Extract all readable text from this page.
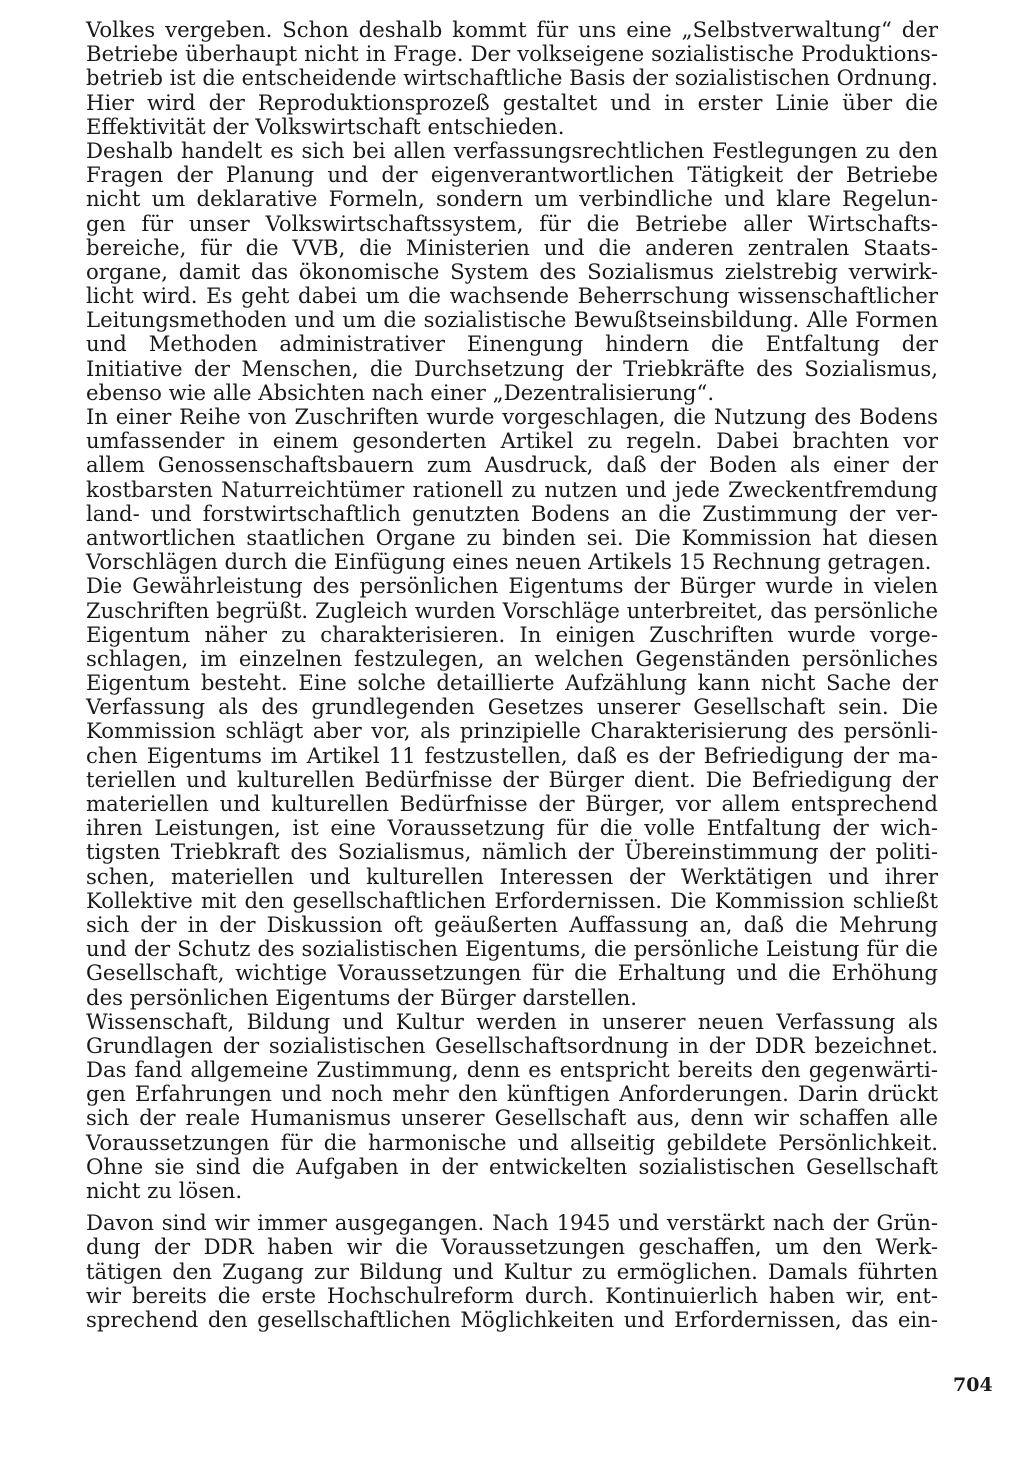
Volkes vergeben. Schon deshalb kommt für uns eine „Selbstverwaltung“ der
Betriebe überhaupt nicht in Frage. Der volkseigene sozialistische Produktions-
betrieb ist die entscheidende wirtschaftliche Basis der sozialistischen Ordnung.
Hier wird der Reproduktionsprozeß gestaltet und in erster Linie über die
Effektivität der Volkswirtschaft entschieden.
Deshalb handelt es sich bei allen verfassungsrechtlichen Festlegungen zu den
Fragen der Planung und der eigenverantwortlichen Tätigkeit der Betriebe
nicht um deklarative Formeln, sondern um verbindliche und klare Regelun-
gen für unser Volkswirtschaftssystem, für die Betriebe aller Wirtschafts-
bereiche, für die VVB, die Ministerien und die anderen zentralen Staats-
organe, damit das ökonomische System des Sozialismus zielstrebig verwirk-
licht wird. Es geht dabei um die wachsende Beherrschung wissenschaftlicher
Leitungsmethoden und um die sozialistische Bewußtseinsbildung. Alle Formen
und Methoden administrativer Einengung hindern die Entfaltung der
Initiative der Menschen, die Durchsetzung der Triebkräfte des Sozialismus,
ebenso wie alle Absichten nach einer „Dezentralisierung“.
In einer Reihe von Zuschriften wurde vorgeschlagen, die Nutzung des Bodens
umfassender in einem gesonderten Artikel zu regeln. Dabei brachten vor
allem Genossenschaftsbauern zum Ausdruck, daß der Boden als einer der
kostbarsten Naturreichtümer rationell zu nutzen und jede Zweckentfremdung
land- und forstwirtschaftlich genutzten Bodens an die Zustimmung der ver-
antwortlichen staatlichen Organe zu binden sei. Die Kommission hat diesen
Vorschlägen durch die Einfügung eines neuen Artikels 15 Rechnung getragen.
Die Gewährleistung des persönlichen Eigentums der Bürger wurde in vielen
Zuschriften begrüßt. Zugleich wurden Vorschläge unterbreitet, das persönliche
Eigentum näher zu charakterisieren. In einigen Zuschriften wurde vorge-
schlagen, im einzelnen festzulegen, an welchen Gegenständen persönliches
Eigentum besteht. Eine solche detaillierte Aufzählung kann nicht Sache der
Verfassung als des grundlegenden Gesetzes unserer Gesellschaft sein. Die
Kommission schlägt aber vor, als prinzipielle Charakterisierung des persönli-
chen Eigentums im Artikel 11 festzustellen, daß es der Befriedigung der ma-
teriellen und kulturellen Bedürfnisse der Bürger dient. Die Befriedigung der
materiellen und kulturellen Bedürfnisse der Bürger, vor allem entsprechend
ihren Leistungen, ist eine Voraussetzung für die volle Entfaltung der wich-
tigsten Triebkraft des Sozialismus, nämlich der Übereinstimmung der politi-
schen, materiellen und kulturellen Interessen der Werktätigen und ihrer
Kollektive mit den gesellschaftlichen Erfordernissen. Die Kommission schließt
sich der in der Diskussion oft geäußerten Auffassung an, daß die Mehrung
und der Schutz des sozialistischen Eigentums, die persönliche Leistung für die
Gesellschaft, wichtige Voraussetzungen für die Erhaltung und die Erhöhung
des persönlichen Eigentums der Bürger darstellen.
Wissenschaft, Bildung und Kultur werden in unserer neuen Verfassung als
Grundlagen der sozialistischen Gesellschaftsordnung in der DDR bezeichnet.
Das fand allgemeine Zustimmung, denn es entspricht bereits den gegenwärti-
gen Erfahrungen und noch mehr den künftigen Anforderungen. Darin drückt
sich der reale Humanismus unserer Gesellschaft aus, denn wir schaffen alle
Voraussetzungen für die harmonische und allseitig gebildete Persönlichkeit.
Ohne sie sind die Aufgaben in der entwickelten sozialistischen Gesellschaft
nicht zu lösen.
Davon sind wir immer ausgegangen. Nach 1945 und verstärkt nach der Grün-
dung der DDR haben wir die Voraussetzungen geschaffen, um den Werk-
tätigen den Zugang zur Bildung und Kultur zu ermöglichen. Damals führten
wir bereits die erste Hochschulreform durch. Kontinuierlich haben wir, ent-
sprechend den gesellschaftlichen Möglichkeiten und Erfordernissen, das ein-
704
